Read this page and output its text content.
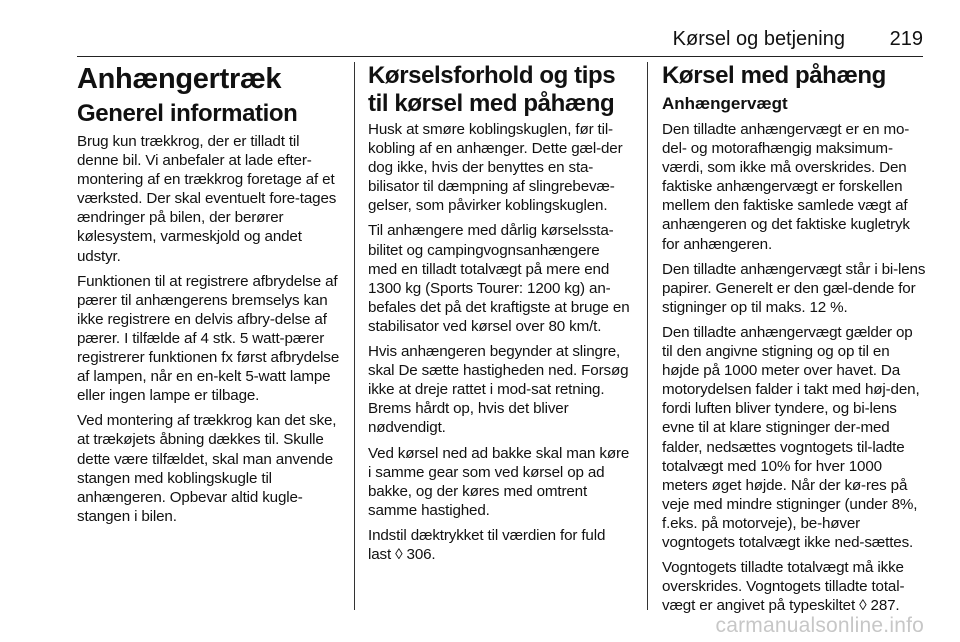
Kørsel og betjening 219
Anhængertræk
Generel information

Brug kun trækkrog, der er tilladt til denne bil. Vi anbefaler at lade efter-montering af en trækkrog foretage af et værksted. Der skal eventuelt fore-tages ændringer på bilen, der berører kølesystem, varmeskjold og andet udstyr.

Funktionen til at registrere afbrydelse af pærer til anhængerens bremselys kan ikke registrere en delvis afbry-delse af pærer. I tilfælde af 4 stk. 5 watt-pærer registrerer funktionen fx først afbrydelse af lampen, når en en-kelt 5-watt lampe eller ingen lampe er tilbage.

Ved montering af trækkrog kan det ske, at trækøjets åbning dækkes til. Skulle dette være tilfældet, skal man anvende stangen med koblingskugle til anhængeren. Opbevar altid kugle-stangen i bilen.

Kørselsforhold og tips til kørsel med påhæng

Husk at smøre koblingskuglen, før til-kobling af en anhænger. Dette gæl-der dog ikke, hvis der benyttes en sta-bilisator til dæmpning af slingrebevæ-gelser, som påvirker koblingskuglen.

Til anhængere med dårlig kørselssta-bilitet og campingvognsanhængere med en tilladt totalvægt på mere end 1300 kg (Sports Tourer: 1200 kg) an-befales det på det kraftigste at bruge en stabilisator ved kørsel over 80 km/t.

Hvis anhængeren begynder at slingre, skal De sætte hastigheden ned. Forsøg ikke at dreje rattet i mod-sat retning. Brems hårdt op, hvis det bliver nødvendigt.

Ved kørsel ned ad bakke skal man køre i samme gear som ved kørsel op ad bakke, og der køres med omtrent samme hastighed.

Indstil dæktrykket til værdien for fuld last ◊ 306.

Kørsel med påhæng
Anhængervægt

Den tilladte anhængervægt er en mo-del- og motorafhængig maksimum-værdi, som ikke må overskrides. Den faktiske anhængervægt er forskellen mellem den faktiske samlede vægt af anhængeren og det faktiske kugletryk for anhængeren.

Den tilladte anhængervægt står i bi-lens papirer. Generelt er den gæl-dende for stigninger op til maks. 12 %.

Den tilladte anhængervægt gælder op til den angivne stigning og op til en højde på 1000 meter over havet. Da motorydelsen falder i takt med høj-den, fordi luften bliver tyndere, og bi-lens evne til at klare stigninger der-med falder, nedsættes vogntogets til-ladte totalvægt med 10% for hver 1000 meters øget højde. Når der kø-res på veje med mindre stigninger (under 8%, f.eks. på motorveje), be-høver vogntogets totalvægt ikke ned-sættes.

Vogntogets tilladte totalvægt må ikke overskrides. Vogntogets tilladte total-vægt er angivet på typeskiltet ◊ 287.

carmanualsonline.info
